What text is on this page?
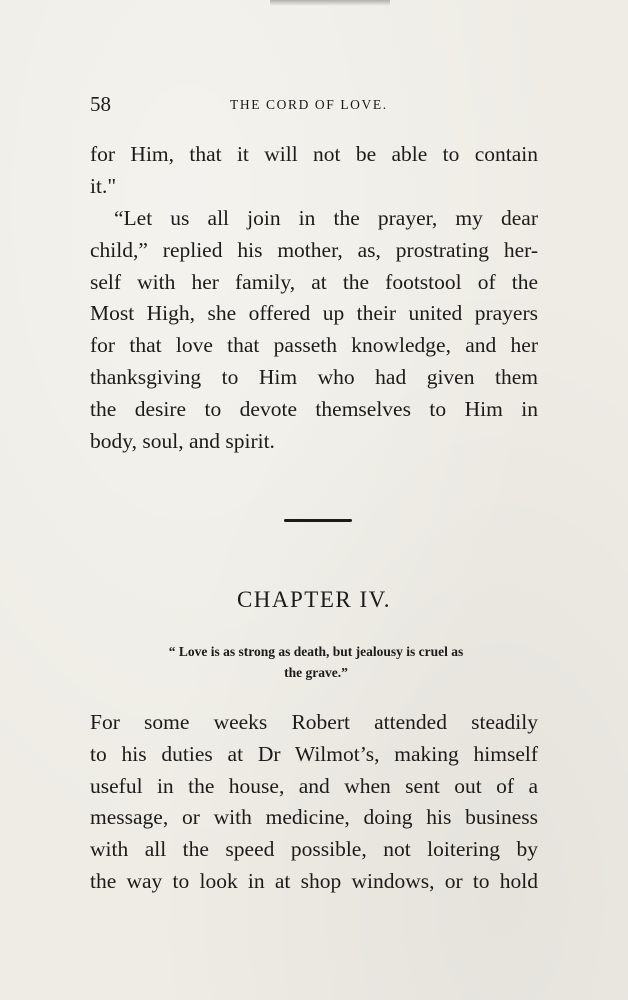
58	THE CORD OF LOVE.
for Him, that it will not be able to contain
it."
“Let us all join in the prayer, my dear
child,” replied his mother, as, prostrating her-
self with her family, at the footstool of the
Most High, she offered up their united prayers
for that love that passeth knowledge, and her
thanksgiving to Him who had given them
the desire to devote themselves to Him in
body, soul, and spirit.
CHAPTER IV.
“ Love is as strong as death, but jealousy is cruel as
the grave.”
For some weeks Robert attended steadily
to his duties at Dr Wilmot’s, making himself
useful in the house, and when sent out of a
message, or with medicine, doing his business
with all the speed possible, not loitering by
the way to look in at shop windows, or to hold
